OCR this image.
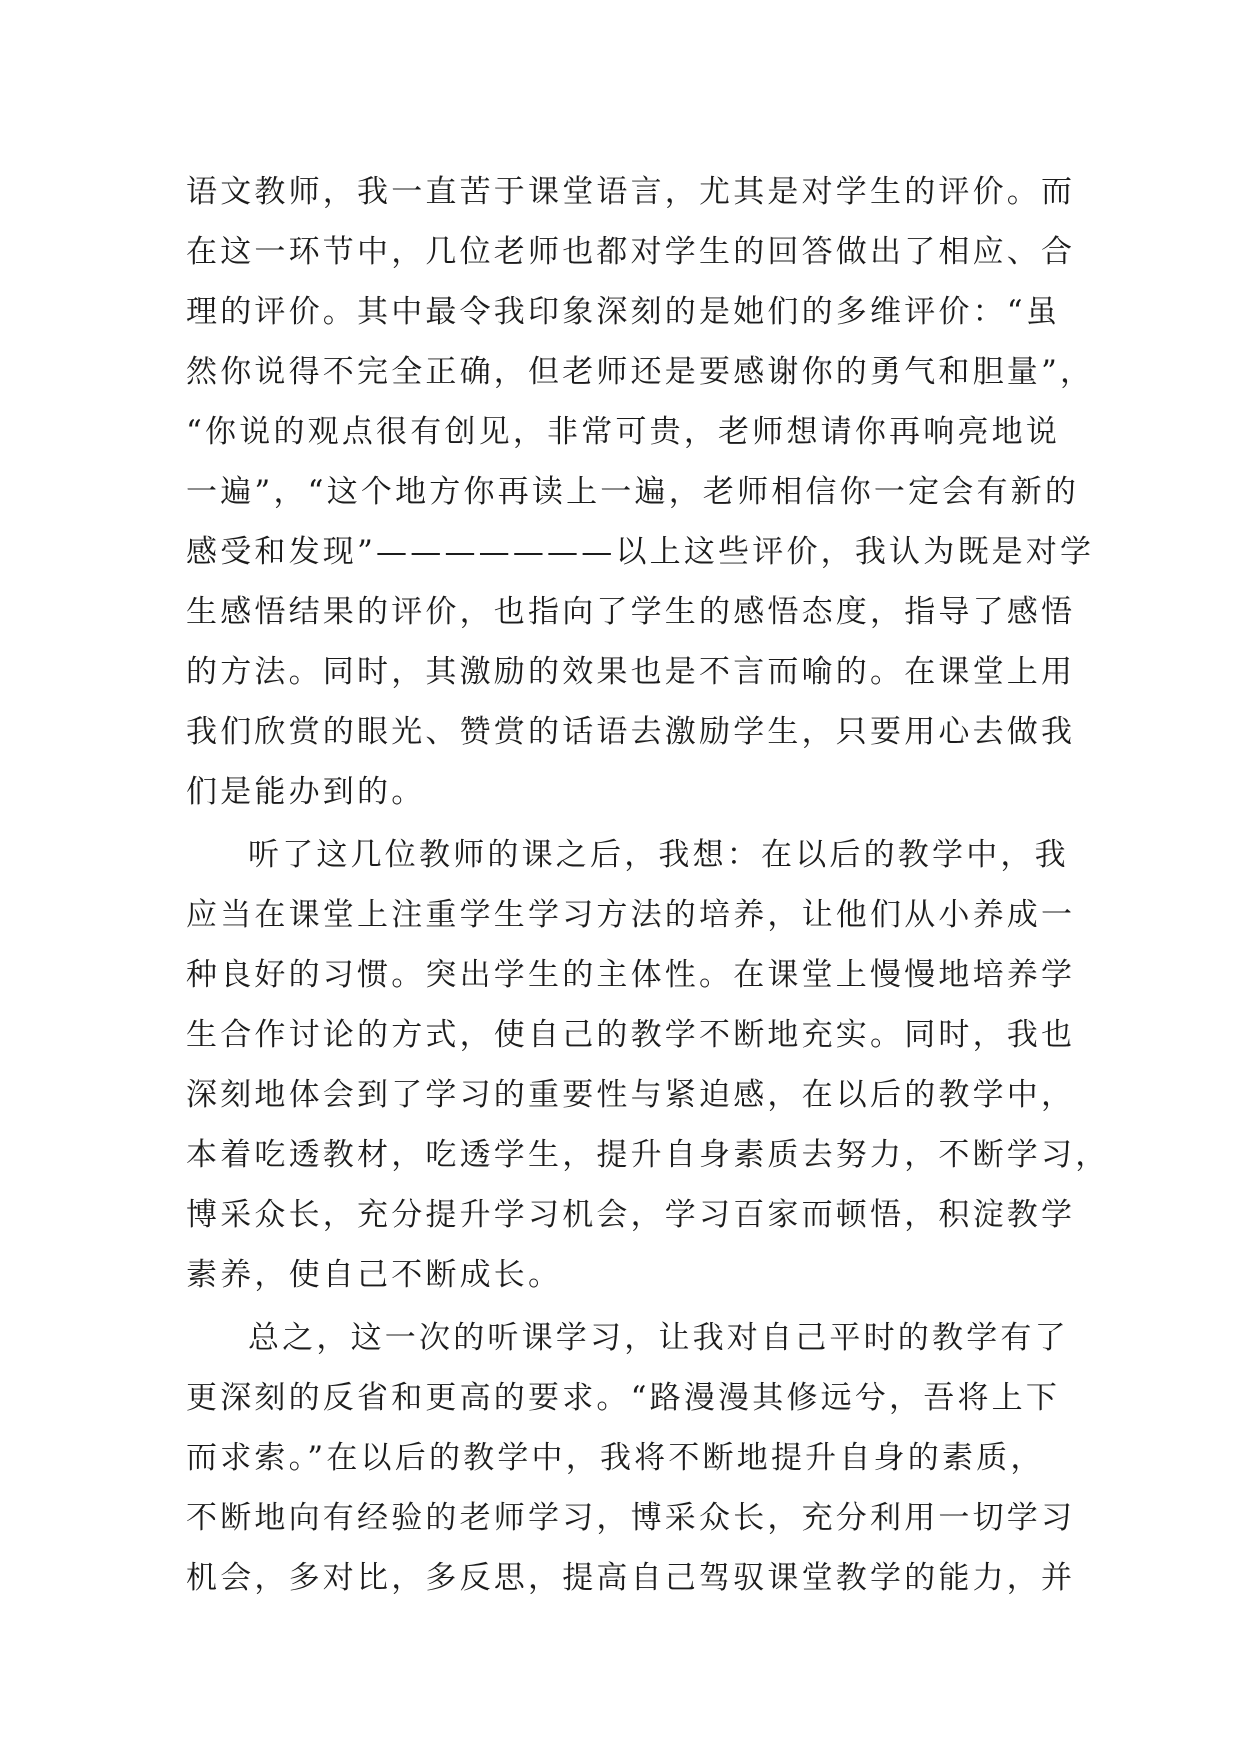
语文教师，我一直苦于课堂语言，尤其是对学生的评价。而
在这一环节中，几位老师也都对学生的回答做出了相应、合
理的评价。其中最令我印象深刻的是她们的多维评价：“虽
然你说得不完全正确，但老师还是要感谢你的勇气和胆量”，
“你说的观点很有创见，非常可贵，老师想请你再响亮地说
一遍”，“这个地方你再读上一遍，老师相信你一定会有新的
感受和发现”———————以上这些评价，我认为既是对学
生感悟结果的评价，也指向了学生的感悟态度，指导了感悟
的方法。同时，其激励的效果也是不言而喻的。在课堂上用
我们欣赏的眼光、赞赏的话语去激励学生，只要用心去做我
们是能办到的。
听了这几位教师的课之后，我想：在以后的教学中，我
应当在课堂上注重学生学习方法的培养，让他们从小养成一
种良好的习惯。突出学生的主体性。在课堂上慢慢地培养学
生合作讨论的方式，使自己的教学不断地充实。同时，我也
深刻地体会到了学习的重要性与紧迫感，在以后的教学中，
本着吃透教材，吃透学生，提升自身素质去努力，不断学习，
博采众长，充分提升学习机会，学习百家而顿悟，积淀教学
素养，使自己不断成长。
总之，这一次的听课学习，让我对自己平时的教学有了
更深刻的反省和更高的要求。“路漫漫其修远兮，吾将上下
而求索。”在以后的教学中，我将不断地提升自身的素质，
不断地向有经验的老师学习，博采众长，充分利用一切学习
机会，多对比，多反思，提高自己驾驭课堂教学的能力，并
